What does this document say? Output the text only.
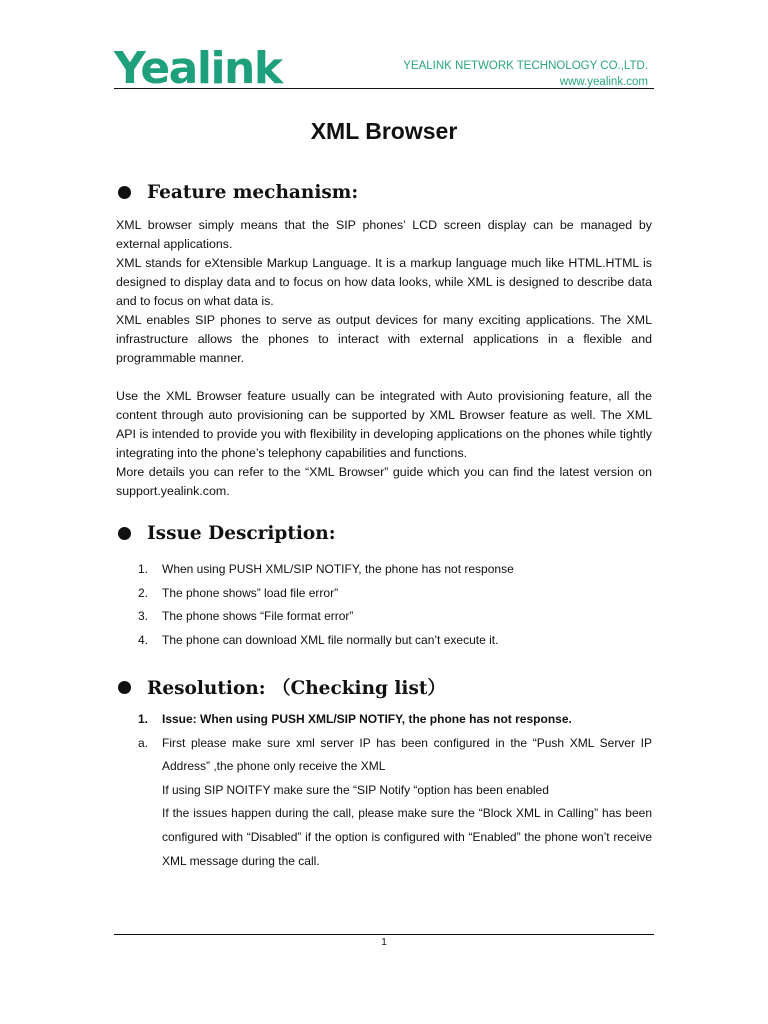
Yealink	YEALINK NETWORK TECHNOLOGY CO.,LTD.
www.yealink.com
XML Browser
Feature mechanism:

XML browser simply means that the SIP phones’ LCD screen display can be managed by external applications.

XML stands for eXtensible Markup Language. It is a markup language much like HTML.HTML is designed to display data and to focus on how data looks, while XML is designed to describe data and to focus on what data is.

XML enables SIP phones to serve as output devices for many exciting applications. The XML infrastructure allows the phones to interact with external applications in a flexible and programmable manner.

Use the XML Browser feature usually can be integrated with Auto provisioning feature, all the content through auto provisioning can be supported by XML Browser feature as well. The XML API is intended to provide you with flexibility in developing applications on the phones while tightly integrating into the phone’s telephony capabilities and functions.

More details you can refer to the “XML Browser” guide which you can find the latest version on support.yealink.com.

Issue Description:
1. When using PUSH XML/SIP NOTIFY, the phone has not response
2. The phone shows” load file error”
3. The phone shows “File format error”
4. The phone can download XML file normally but can’t execute it.
Resolution: （Checking list）
1.	Issue: When using PUSH XML/SIP NOTIFY, the phone has not response.
a.	First please make sure xml server IP has been configured in the “Push XML Server IP Address” ,the phone only receive the XML
If using SIP NOITFY make sure the “SIP Notify “option has been enabled
If the issues happen during the call, please make sure the “Block XML in Calling” has been configured with “Disabled” if the option is configured with “Enabled” the phone won’t receive XML message during the call.
1
